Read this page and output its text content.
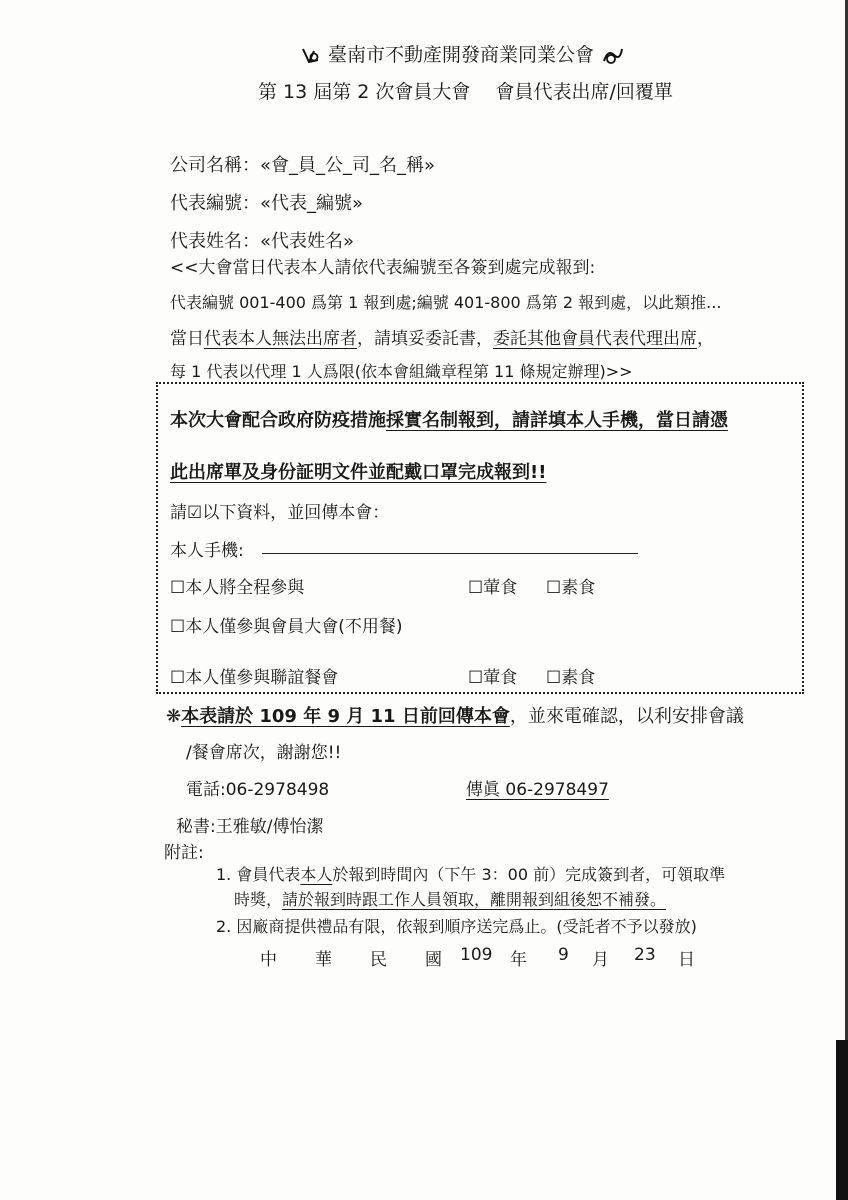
臺南市不動產開發商業同業公會
第 13 屆第 2 次會員大會　 會員代表出席/回覆單
公司名稱：«會_員_公_司_名_稱»
代表編號：«代表_編號»
代表姓名：«代表姓名»
<<大會當日代表本人請依代表編號至各簽到處完成報到:
代表編號 001-400 爲第 1 報到處;編號 401-800 爲第 2 報到處，以此類推...
當日代表本人無法出席者，請填妥委託書，委託其他會員代表代理出席，
每 1 代表以代理 1 人爲限(依本會組織章程第 11 條規定辦理)>>
本次大會配合政府防疫措施採實名制報到，請詳填本人手機，當日請憑
此出席單及身份証明文件並配戴口罩完成報到!!
請☑以下資料，並回傳本會：
本人手機:
☐本人將全程參與	☐葷食 ☐素食
☐本人僅參與會員大會(不用餐)
☐本人僅參與聯誼餐會	☐葷食 ☐素食
❋本表請於 109 年 9 月 11 日前回傳本會，並來電確認，以利安排會議
/餐會席次，謝謝您!!
電話:06-2978498	傳眞 06-2978497
秘書:王雅敏/傅怡潔
附註:
1. 會員代表本人於報到時間內（下午 3：00 前）完成簽到者，可領取準
時獎，請於報到時跟工作人員領取，離開報到組後恕不補發。
2. 因廠商提供禮品有限，依報到順序送完爲止。(受託者不予以發放)
中 華 民 國 109 年 9 月 23 日
